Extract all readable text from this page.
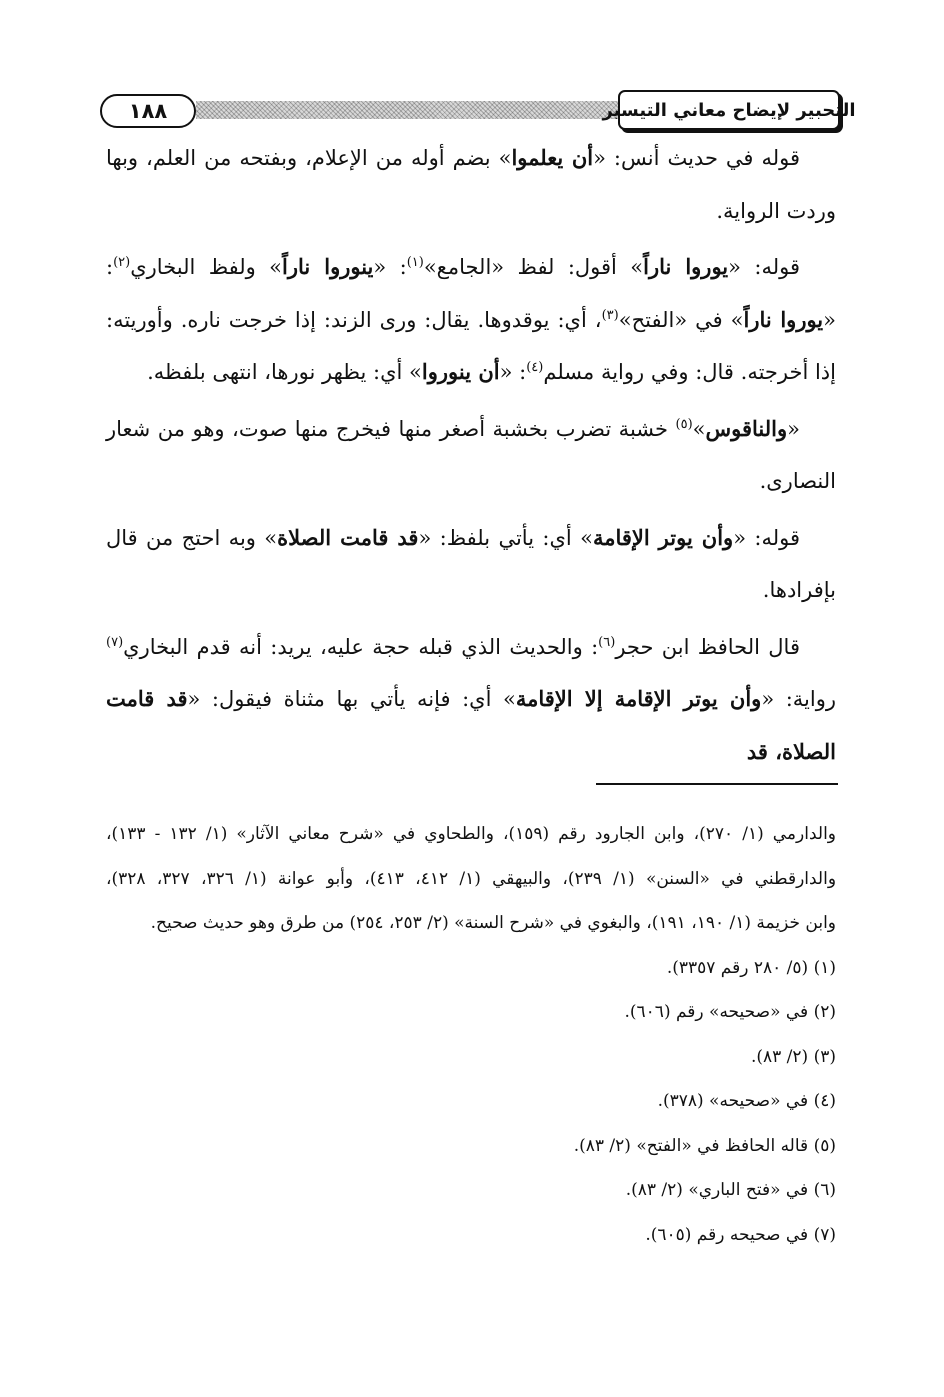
١٨٨	التحبير لإيضاح معاني التيسير

قوله في حديث أنس: «أن يعلموا» بضم أوله من الإعلام، وبفتحه من العلم، وبها وردت الرواية.

قوله: «يوروا ناراً» أقول: لفظ «الجامع»$^{(١)}$: «ينوروا ناراً» ولفظ البخاري$^{(٢)}$: «يوروا ناراً» في «الفتح»$^{(٣)}$، أي: يوقدوها. يقال: ورى الزند: إذا خرجت ناره. وأوريته: إذا أخرجته. قال: وفي رواية مسلم$^{(٤)}$: «أن ينوروا» أي: يظهر نورها، انتهى بلفظه.

«والناقوس»$^{(٥)}$ خشبة تضرب بخشبة أصغر منها فيخرج منها صوت، وهو من شعار النصارى.

قوله: «وأن يوتر الإقامة» أي: يأتي بلفظ: «قد قامت الصلاة» وبه احتج من قال بإفرادها.

قال الحافظ ابن حجر$^{(٦)}$: والحديث الذي قبله حجة عليه، يريد: أنه قدم البخاري$^{(٧)}$ رواية: «وأن يوتر الإقامة إلا الإقامة» أي: فإنه يأتي بها مثناة فيقول: «قد قامت الصلاة، قد

والدارمي (١/ ٢٧٠)، وابن الجارود رقم (١٥٩)، والطحاوي في «شرح معاني الآثار» (١/ ١٣٢ - ١٣٣)،
والدارقطني في «السنن» (١/ ٢٣٩)، والبيهقي (١/ ٤١٢، ٤١٣)، وأبو عوانة (١/ ٣٢٦، ٣٢٧، ٣٢٨)،
وابن خزيمة (١/ ١٩٠، ١٩١)، والبغوي في «شرح السنة» (٢/ ٢٥٣، ٢٥٤) من طرق وهو حديث صحيح.
(١) (٥/ ٢٨٠ رقم ٣٣٥٧).
(٢) في «صحيحه» رقم (٦٠٦).
(٣) (٢/ ٨٣).
(٤) في «صحيحه» (٣٧٨).
(٥) قاله الحافظ في «الفتح» (٢/ ٨٣).
(٦) في «فتح الباري» (٢/ ٨٣).
(٧) في صحيحه رقم (٦٠٥).
